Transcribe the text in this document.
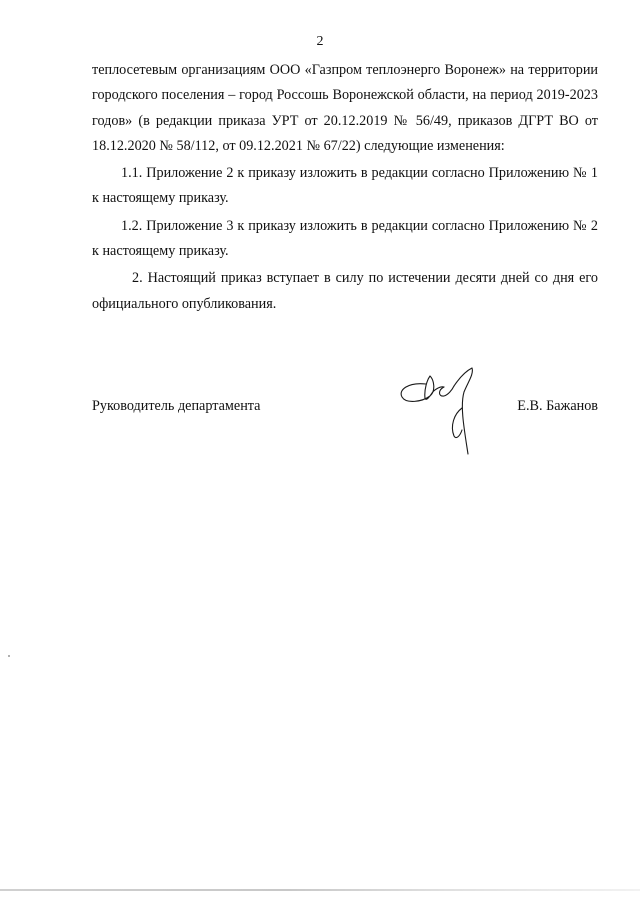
2

теплосетевым организациям ООО «Газпром теплоэнерго Воронеж» на территории городского поселения – город Россошь Воронежской области, на период 2019-2023 годов» (в редакции приказа УРТ от 20.12.2019 № 56/49, приказов ДГРТ ВО от 18.12.2020 № 58/112, от 09.12.2021 № 67/22) следующие изменения:

1.1. Приложение 2 к приказу изложить в редакции согласно Приложению № 1 к настоящему приказу.

1.2. Приложение 3 к приказу изложить в редакции согласно Приложению № 2 к настоящему приказу.

2. Настоящий приказ вступает в силу по истечении десяти дней со дня его официального опубликования.

Руководитель департамента	Е.В. Бажанов
